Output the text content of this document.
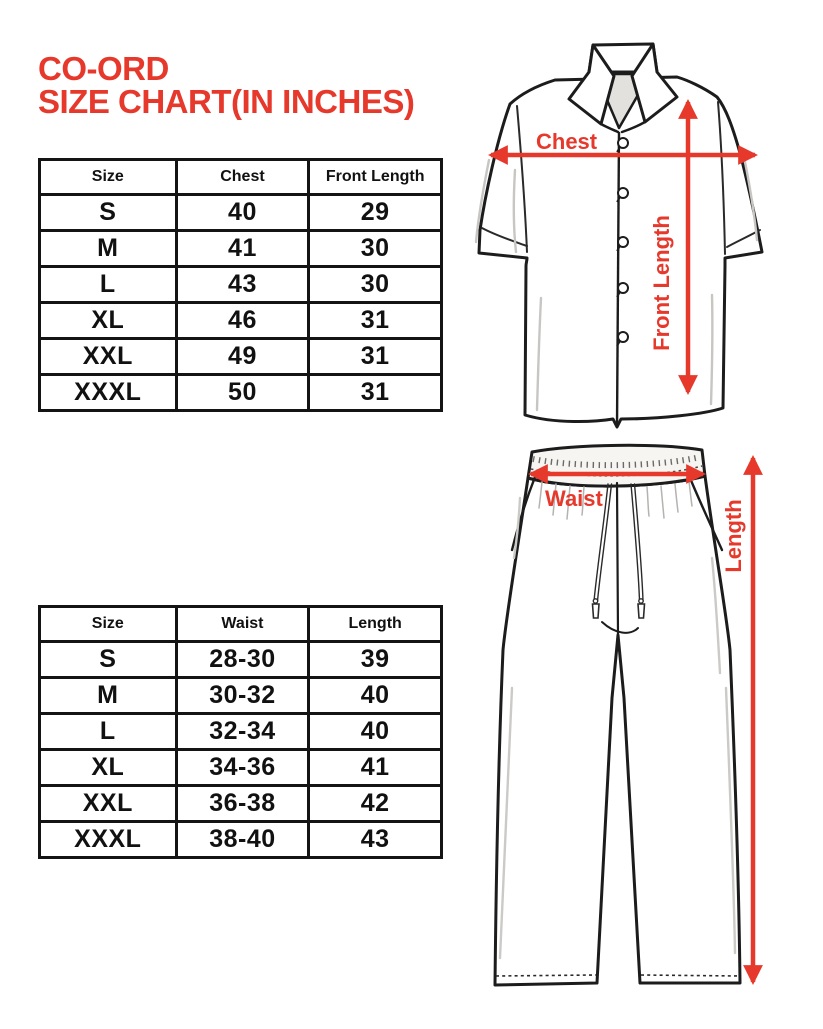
CO-ORD
SIZE CHART(IN INCHES)
Size	Chest	Front Length
S	40	29
M	41	30
L	43	30
XL	46	31
XXL	49	31
XXXL	50	31
Size	Waist	Length
S	28-30	39
M	30-32	40
L	32-34	40
XL	34-36	41
XXL	36-38	42
XXXL	38-40	43
Chest
Front Length
Waist
Length
